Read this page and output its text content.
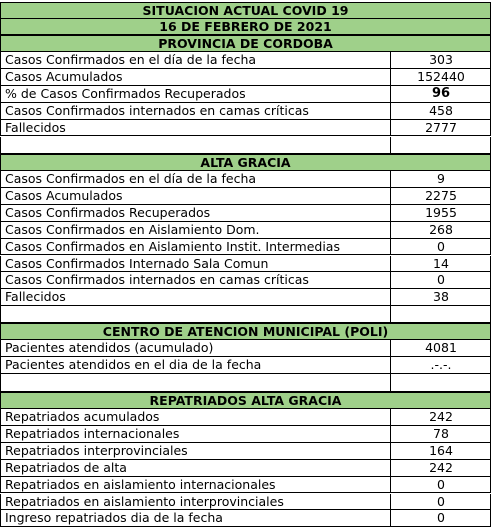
SITUACION ACTUAL COVID 19
16 DE FEBRERO DE 2021
PROVINCIA DE CORDOBA
Casos Confirmados en el día de la fecha	303
Casos Acumulados	152440
% de Casos Confirmados Recuperados	96
Casos Confirmados internados en camas críticas	458
Fallecidos	2777
ALTA GRACIA
Casos Confirmados en el día de la fecha	9
Casos Acumulados	2275
Casos Confirmados Recuperados	1955
Casos Confirmados en Aislamiento Dom.	268
Casos Confirmados en Aislamiento Instit. Intermedias	0
Casos Confirmados Internado Sala Comun	14
Casos Confirmados internados en camas críticas	0
Fallecidos	38
CENTRO DE ATENCION MUNICIPAL (POLI)
Pacientes atendidos (acumulado)	4081
Pacientes atendidos en el dia de la fecha	.-.-.
REPATRIADOS ALTA GRACIA
Repatriados acumulados	242
Repatriados internacionales	78
Repatriados interprovinciales	164
Repatriados de alta	242
Repatriados en aislamiento internacionales	0
Repatriados en aislamiento interprovinciales	0
Ingreso repatriados dia de la fecha	0
